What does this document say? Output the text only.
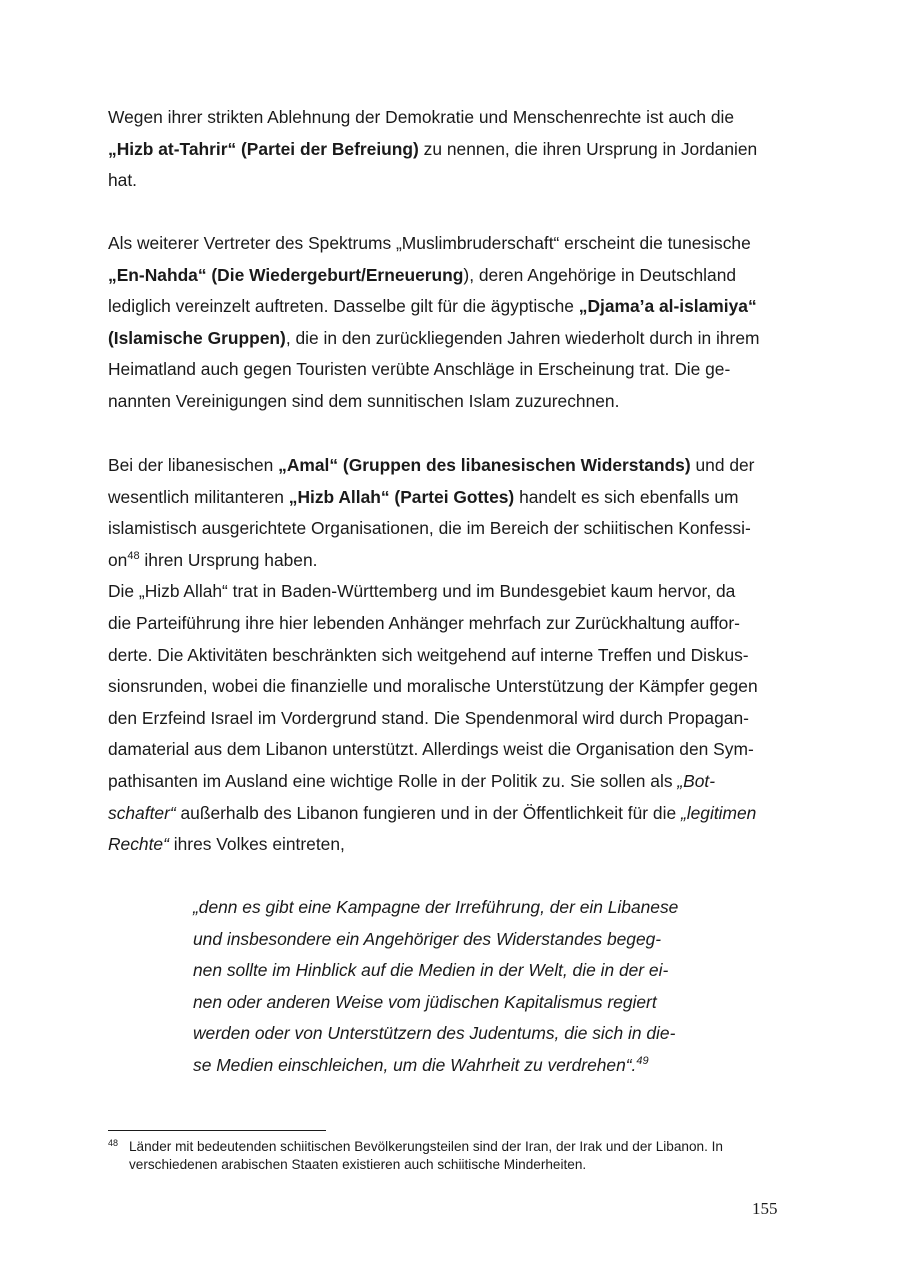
Wegen ihrer strikten Ablehnung der Demokratie und Menschenrechte ist auch die
„Hizb at-Tahrir“ (Partei der Befreiung) zu nennen, die ihren Ursprung in Jordanien
hat.

Als weiterer Vertreter des Spektrums „Muslimbruderschaft“ erscheint die tunesische
„En-Nahda“ (Die Wiedergeburt/Erneuerung), deren Angehörige in Deutschland
lediglich vereinzelt auftreten. Dasselbe gilt für die ägyptische „Djama’a al-islamiya“
(Islamische Gruppen), die in den zurückliegenden Jahren wiederholt durch in ihrem
Heimatland auch gegen Touristen verübte Anschläge in Erscheinung trat. Die ge-
nannten Vereinigungen sind dem sunnitischen Islam zuzurechnen.

Bei der libanesischen „Amal“ (Gruppen des libanesischen Widerstands) und der
wesentlich militanteren „Hizb Allah“ (Partei Gottes) handelt es sich ebenfalls um
islamistisch ausgerichtete Organisationen, die im Bereich der schiitischen Konfessi-
$on^{48}$ ihren Ursprung haben.
Die „Hizb Allah“ trat in Baden-Württemberg und im Bundesgebiet kaum hervor, da
die Parteiführung ihre hier lebenden Anhänger mehrfach zur Zurückhaltung auffor-
derte. Die Aktivitäten beschränkten sich weitgehend auf interne Treffen und Diskus-
sionsrunden, wobei die finanzielle und moralische Unterstützung der Kämpfer gegen
den Erzfeind Israel im Vordergrund stand. Die Spendenmoral wird durch Propagan-
damaterial aus dem Libanon unterstützt. Allerdings weist die Organisation den Sym-
pathisanten im Ausland eine wichtige Rolle in der Politik zu. Sie sollen als „Bot-
schafter“ außerhalb des Libanon fungieren und in der Öffentlichkeit für die „legitimen
Rechte“ ihres Volkes eintreten,

„denn es gibt eine Kampagne der Irreführung, der ein Libanese
und insbesondere ein Angehöriger des Widerstandes begeg-
nen sollte im Hinblick auf die Medien in der Welt, die in der ei-
nen oder anderen Weise vom jüdischen Kapitalismus regiert
werden oder von Unterstützern des Judentums, die sich in die-
se Medien einschleichen, um die Wahrheit zu verdrehen“.$^{49}$
48 Länder mit bedeutenden schiitischen Bevölkerungsteilen sind der Iran, der Irak und der Libanon. In
verschiedenen arabischen Staaten existieren auch schiitische Minderheiten.
155
